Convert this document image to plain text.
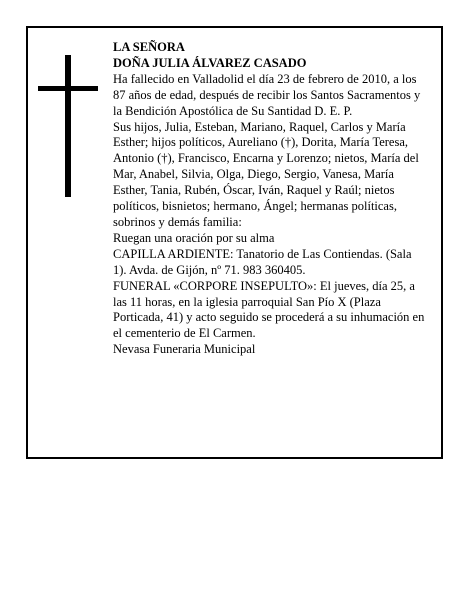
LA SEÑORA

DOÑA JULIA ÁLVAREZ CASADO

Ha fallecido en Valladolid el día 23 de febrero de 2010, a los 87 años de edad, después de recibir los Santos Sacramentos y la Bendición Apostólica de Su Santidad D. E. P.

Sus hijos, Julia, Esteban, Mariano, Raquel, Carlos y María Esther; hijos políticos, Aureliano (†), Dorita, María Teresa, Antonio (†), Francisco, Encarna y Lorenzo; nietos, María del Mar, Anabel, Silvia, Olga, Diego, Sergio, Vanesa, María Esther, Tania, Rubén, Óscar, Iván, Raquel y Raúl; nietos políticos, bisnietos; hermano, Ángel; hermanas políticas, sobrinos y demás familia:

Ruegan una oración por su alma

CAPILLA ARDIENTE: Tanatorio de Las Contiendas. (Sala 1). Avda. de Gijón, nº 71. 983 360405.

FUNERAL «CORPORE INSEPULTO»: El jueves, día 25, a las 11 horas, en la iglesia parroquial San Pío X (Plaza Porticada, 41) y acto seguido se procederá a su inhumación en el cementerio de El Carmen.

Nevasa Funeraria Municipal
